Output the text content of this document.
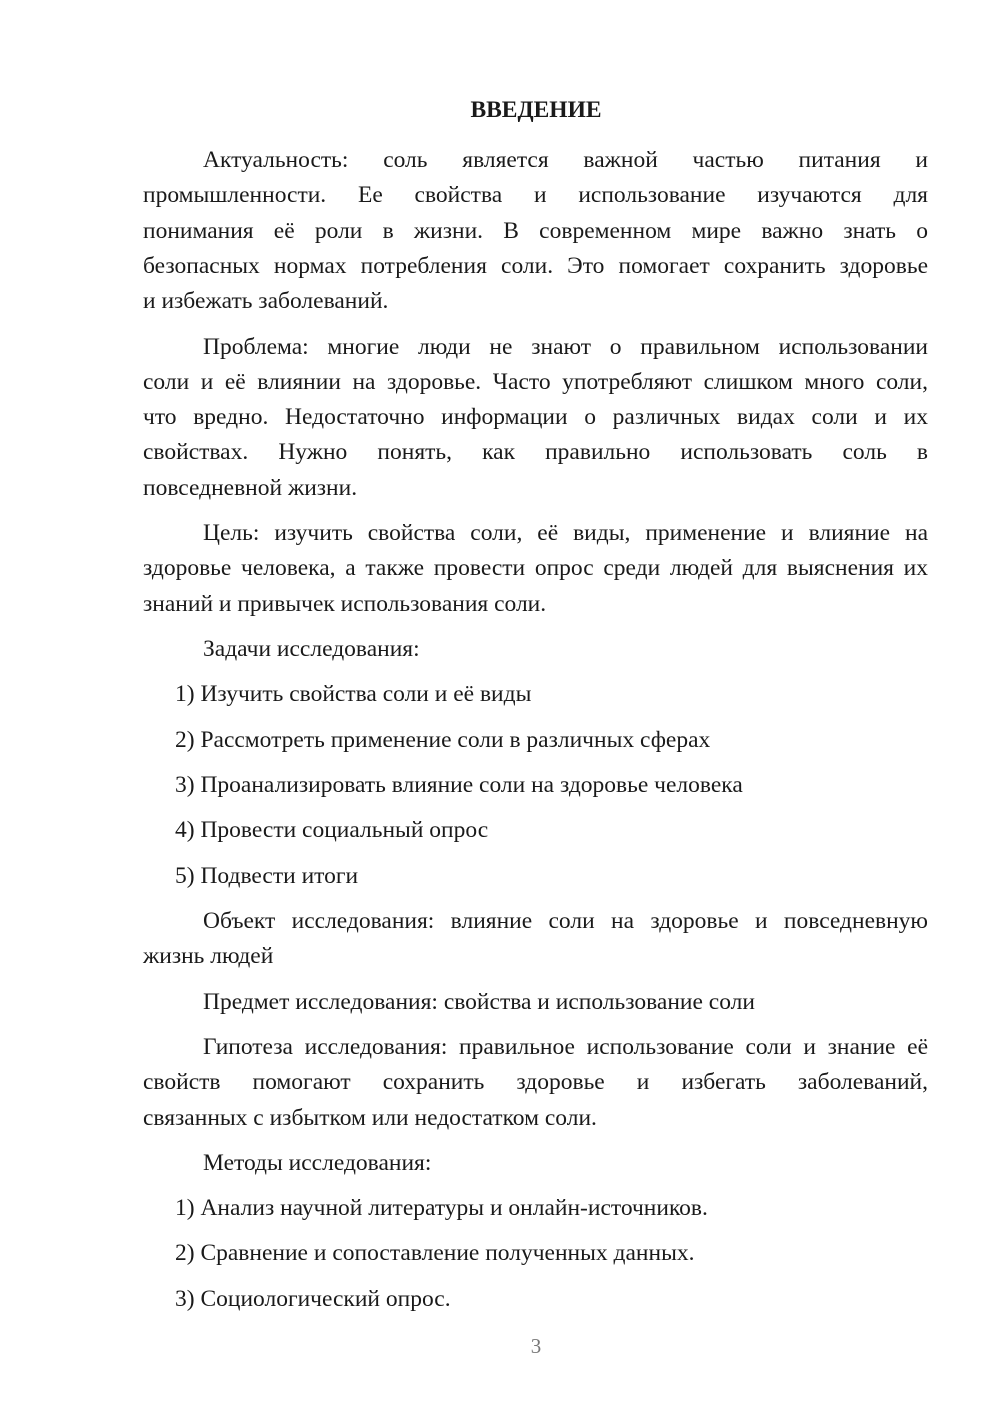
ВВЕДЕНИЕ
Актуальность: соль является важной частью питания и
промышленности. Ее свойства и использование изучаются для
понимания её роли в жизни. В современном мире важно знать о
безопасных нормах потребления соли. Это помогает сохранить здоровье
и избежать заболеваний.
Проблема: многие люди не знают о правильном использовании
соли и её влиянии на здоровье. Часто употребляют слишком много соли,
что вредно. Недостаточно информации о различных видах соли и их
свойствах. Нужно понять, как правильно использовать соль в
повседневной жизни.
Цель: изучить свойства соли, её виды, применение и влияние на
здоровье человека, а также провести опрос среди людей для выяснения их
знаний и привычек использования соли.
Задачи исследования:
1) Изучить свойства соли и её виды
2) Рассмотреть применение соли в различных сферах
3) Проанализировать влияние соли на здоровье человека
4) Провести социальный опрос
5) Подвести итоги
Объект исследования: влияние соли на здоровье и повседневную
жизнь людей
Предмет исследования: свойства и использование соли
Гипотеза исследования: правильное использование соли и знание её
свойств помогают сохранить здоровье и избегать заболеваний,
связанных с избытком или недостатком соли.
Методы исследования:
1) Анализ научной литературы и онлайн-источников.
2) Сравнение и сопоставление полученных данных.
3) Социологический опрос.
3
